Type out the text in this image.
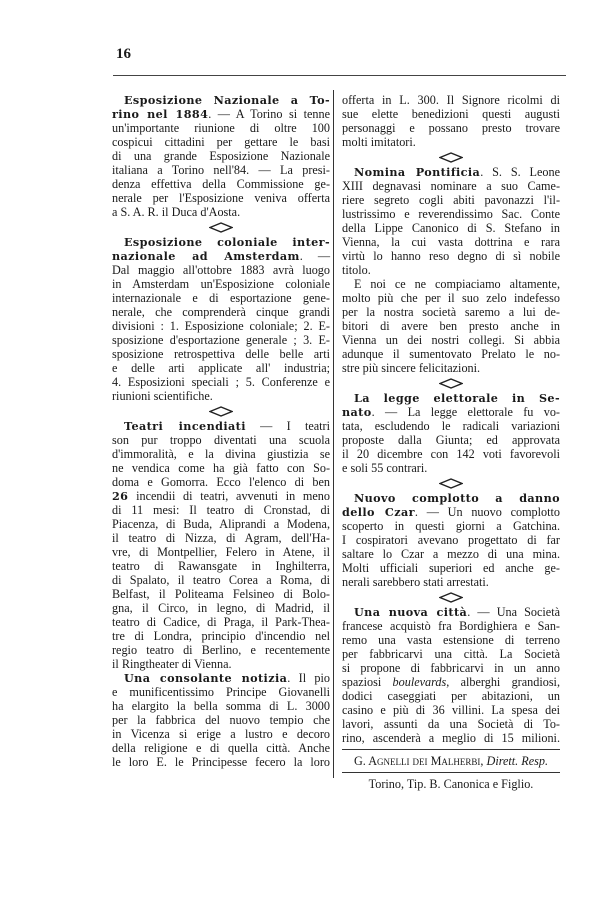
16
Esposizione Nazionale a To-
rino nel 1884. — A Torino si tenne
un'importante riunione di oltre 100
cospicui cittadini per gettare le basi
di una grande Esposizione Nazionale
italiana a Torino nell'84. — La presi-
denza effettiva della Commissione ge-
nerale per l'Esposizione veniva offerta
a S. A. R. il Duca d'Aosta.
Esposizione coloniale inter-
nazionale ad Amsterdam. —
Dal maggio all'ottobre 1883 avrà luogo
in Amsterdam un'Esposizione coloniale
internazionale e di esportazione gene-
nerale, che comprenderà cinque grandi
divisioni : 1. Esposizione coloniale; 2. E-
sposizione d'esportazione generale ; 3. E-
sposizione retrospettiva delle belle arti
e delle arti applicate all' industria;
4. Esposizioni speciali ; 5. Conferenze e
riunioni scientifiche.
Teatri incendiati — I teatri
son pur troppo diventati una scuola
d'immoralità, e la divina giustizia se
ne vendica come ha già fatto con So-
doma e Gomorra. Ecco l'elenco di ben
26 incendii di teatri, avvenuti in meno
di 11 mesi: Il teatro di Cronstad, di
Piacenza, di Buda, Aliprandi a Modena,
il teatro di Nizza, di Agram, dell'Ha-
vre, di Montpellier, Felero in Atene, il
teatro di Rawansgate in Inghilterra,
di Spalato, il teatro Corea a Roma, di
Belfast, il Politeama Felsineo di Bolo-
gna, il Circo, in legno, di Madrid, il
teatro di Cadice, di Praga, il Park-Thea-
tre di Londra, principio d'incendio nel
regio teatro di Berlino, e recentemente
il Ringtheater di Vienna.
Una consolante notizia. Il pio
e munificentissimo Principe Giovanelli
ha elargito la bella somma di L. 3000
per la fabbrica del nuovo tempio che
in Vicenza si erige a lustro e decoro
della religione e di quella città. Anche
le loro E. le Principesse fecero la loro
offerta in L. 300. Il Signore ricolmi di
sue elette benedizioni questi augusti
personaggi e possano presto trovare
molti imitatori.
Nomina Pontificia. S. S. Leone
XIII degnavasi nominare a suo Came-
riere segreto cogli abiti pavonazzi l'il-
lustrissimo e reverendissimo Sac. Conte
della Lippe Canonico di S. Stefano in
Vienna, la cui vasta dottrina e rara
virtù lo hanno reso degno di sì nobile
titolo.
E noi ce ne compiaciamo altamente,
molto più che per il suo zelo indefesso
per la nostra società saremo a lui de-
bitori di avere ben presto anche in
Vienna un dei nostri collegi. Si abbia
adunque il sumentovato Prelato le no-
stre più sincere felicitazioni.
La legge elettorale in Se-
nato. — La legge elettorale fu vo-
tata, escludendo le radicali variazioni
proposte dalla Giunta; ed approvata
il 20 dicembre con 142 voti favorevoli
e soli 55 contrari.
Nuovo complotto a danno
dello Czar. — Un nuovo complotto
scoperto in questi giorni a Gatchina.
I cospiratori avevano progettato di far
saltare lo Czar a mezzo di una mina.
Molti ufficiali superiori ed anche ge-
nerali sarebbero stati arrestati.
Una nuova città. — Una Società
francese acquistò fra Bordighiera e San-
remo una vasta estensione di terreno
per fabbricarvi una città. La Società
si propone di fabbricarvi in un anno
spaziosi boulevards, alberghi grandiosi,
dodici caseggiati per abitazioni, un
casino e più di 36 villini. La spesa dei
lavori, assunti da una Società di To-
rino, ascenderà a meglio di 15 milioni.
G. Agnelli dei Malherbi, Dirett. Resp.
Torino, Tip. B. Canonica e Figlio.
